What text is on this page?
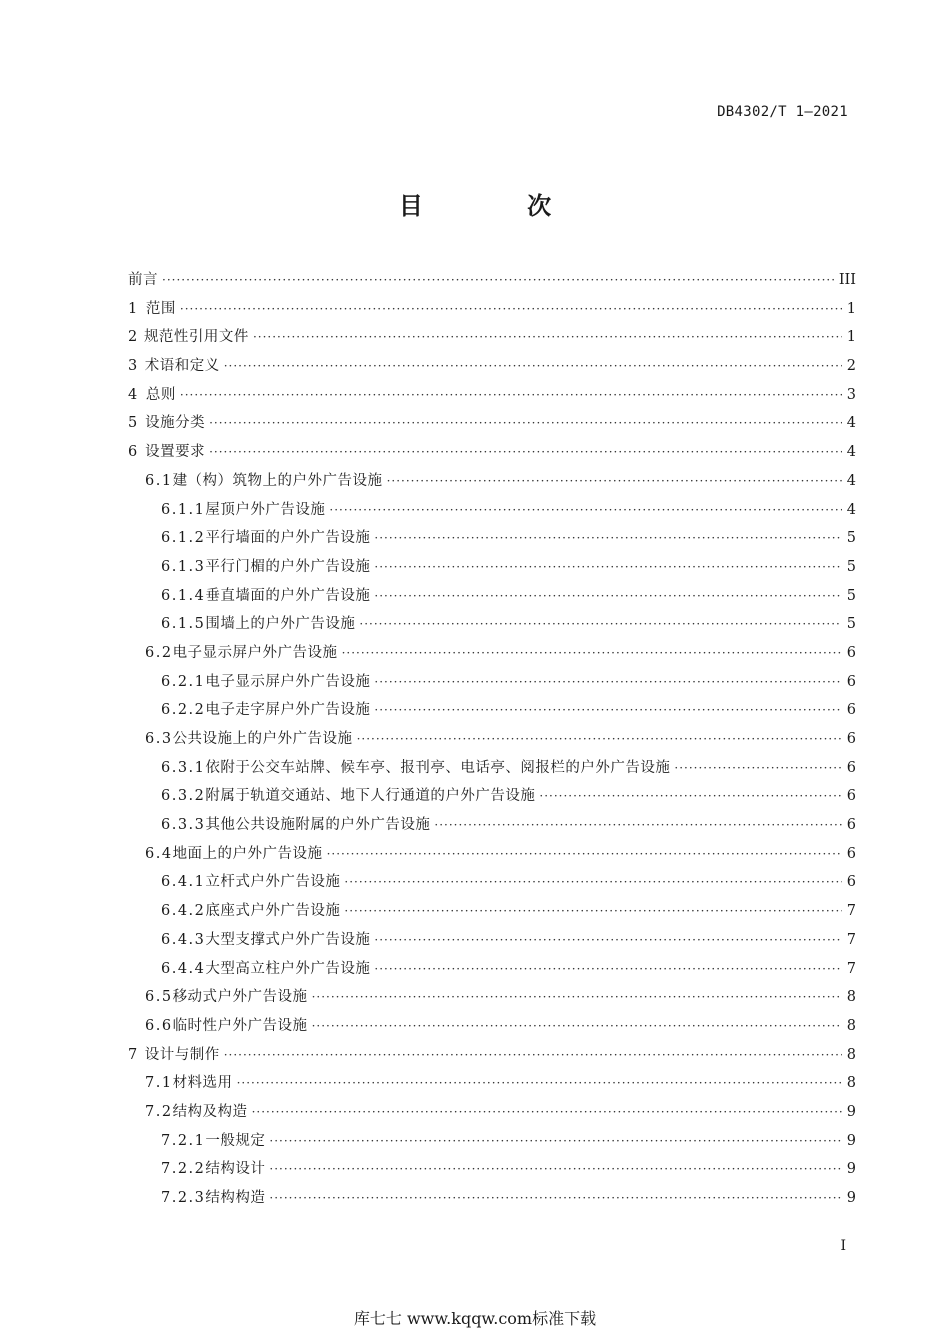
DB4302/T 1—2021
目 次
前言 ·····	III
1 范围 ·····	1
2 规范性引用文件 ·····	1
3 术语和定义 ·····	2
4 总则 ·····	3
5 设施分类 ·····	4
6 设置要求 ·····	4
6.1 建（构）筑物上的户外广告设施 ·····	4
6.1.1 屋顶户外广告设施 ·····	4
6.1.2 平行墙面的户外广告设施 ·····	5
6.1.3 平行门楣的户外广告设施 ·····	5
6.1.4 垂直墙面的户外广告设施 ·····	5
6.1.5 围墙上的户外广告设施 ·····	5
6.2 电子显示屏户外广告设施 ·····	6
6.2.1 电子显示屏户外广告设施 ·····	6
6.2.2 电子走字屏户外广告设施 ·····	6
6.3 公共设施上的户外广告设施 ·····	6
6.3.1 依附于公交车站牌、候车亭、报刊亭、电话亭、阅报栏的户外广告设施 ·····	6
6.3.2 附属于轨道交通站、地下人行通道的户外广告设施 ·····	6
6.3.3 其他公共设施附属的户外广告设施 ·····	6
6.4 地面上的户外广告设施 ·····	6
6.4.1 立杆式户外广告设施 ·····	6
6.4.2 底座式户外广告设施 ·····	7
6.4.3 大型支撑式户外广告设施 ·····	7
6.4.4 大型高立柱户外广告设施 ·····	7
6.5 移动式户外广告设施 ·····	8
6.6 临时性户外广告设施 ·····	8
7 设计与制作 ·····	8
7.1 材料选用 ·····	8
7.2 结构及构造 ·····	9
7.2.1 一般规定 ·····	9
7.2.2 结构设计 ·····	9
7.2.3 结构构造 ·····	9
I
库七七 www.kqqw.com标准下载
